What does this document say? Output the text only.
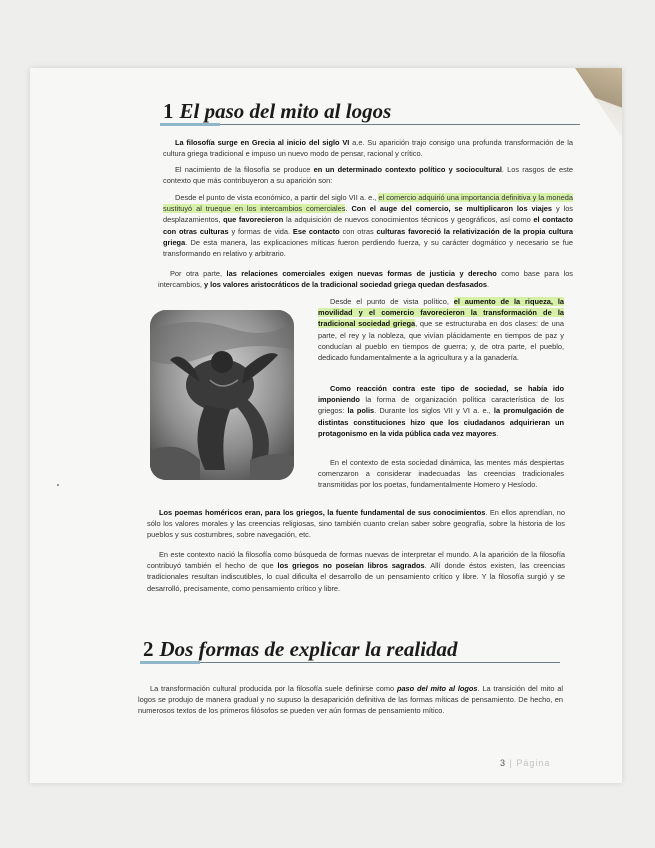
1 El paso del mito al logos

La filosofía surge en Grecia al inicio del siglo VI a.e. Su aparición trajo consigo una profunda transformación de la cultura griega tradicional e impuso un nuevo modo de pensar, racional y crítico.

El nacimiento de la filosofía se produce en un determinado contexto político y sociocultural. Los rasgos de este contexto que más contribuyeron a su aparición son:

Desde el punto de vista económico, a partir del siglo VII a. e., el comercio adquirió una importancia definitiva y la moneda sustituyó al trueque en los intercambios comerciales. Con el auge del comercio, se multiplicaron los viajes y los desplazamientos, que favorecieron la adquisición de nuevos conocimientos técnicos y geográficos, así como el contacto con otras culturas y formas de vida. Ese contacto con otras culturas favoreció la relativización de la propia cultura griega. De esta manera, las explicaciones míticas fueron perdiendo fuerza, y su carácter dogmático y necesario se fue transformando en relativo y arbitrario.

Por otra parte, las relaciones comerciales exigen nuevas formas de justicia y derecho como base para los intercambios, y los valores aristocráticos de la tradicional sociedad griega quedan desfasados.

Desde el punto de vista político, el aumento de la riqueza, la movilidad y el comercio favorecieron la transformación de la tradicional sociedad griega, que se estructuraba en dos clases: de una parte, el rey y la nobleza, que vivían plácidamente en tiempos de paz y conducían al pueblo en tiempos de guerra; y, de otra parte, el pueblo, dedicado fundamentalmente a la agricultura y a la ganadería.

Como reacción contra este tipo de sociedad, se había ido imponiendo la forma de organización política característica de los griegos: la polis. Durante los siglos VII y VI a. e., la promulgación de distintas constituciones hizo que los ciudadanos adquirieran un protagonismo en la vida pública cada vez mayores.

En el contexto de esta sociedad dinámica, las mentes más despiertas comenzaron a considerar inadecuadas las creencias tradicionales transmitidas por los poetas, fundamentalmente Homero y Hesíodo.

Los poemas homéricos eran, para los griegos, la fuente fundamental de sus conocimientos. En ellos aprendían, no sólo los valores morales y las creencias religiosas, sino también cuanto creían saber sobre geografía, sobre la historia de los pueblos y sus costumbres, sobre navegación, etc.

En este contexto nació la filosofía como búsqueda de formas nuevas de interpretar el mundo. A la aparición de la filosofía contribuyó también el hecho de que los griegos no poseían libros sagrados. Allí donde éstos existen, las creencias tradicionales resultan indiscutibles, lo cual dificulta el desarrollo de un pensamiento crítico y libre. Y la filosofía surgió y se desarrolló, precisamente, como pensamiento crítico y libre.

2 Dos formas de explicar la realidad

La transformación cultural producida por la filosofía suele definirse como paso del mito al logos. La transición del mito al logos se produjo de manera gradual y no supuso la desaparición definitiva de las formas míticas de pensamiento. De hecho, en numerosos textos de los primeros filósofos se pueden ver aún formas de pensamiento mítico.

3 | Página
